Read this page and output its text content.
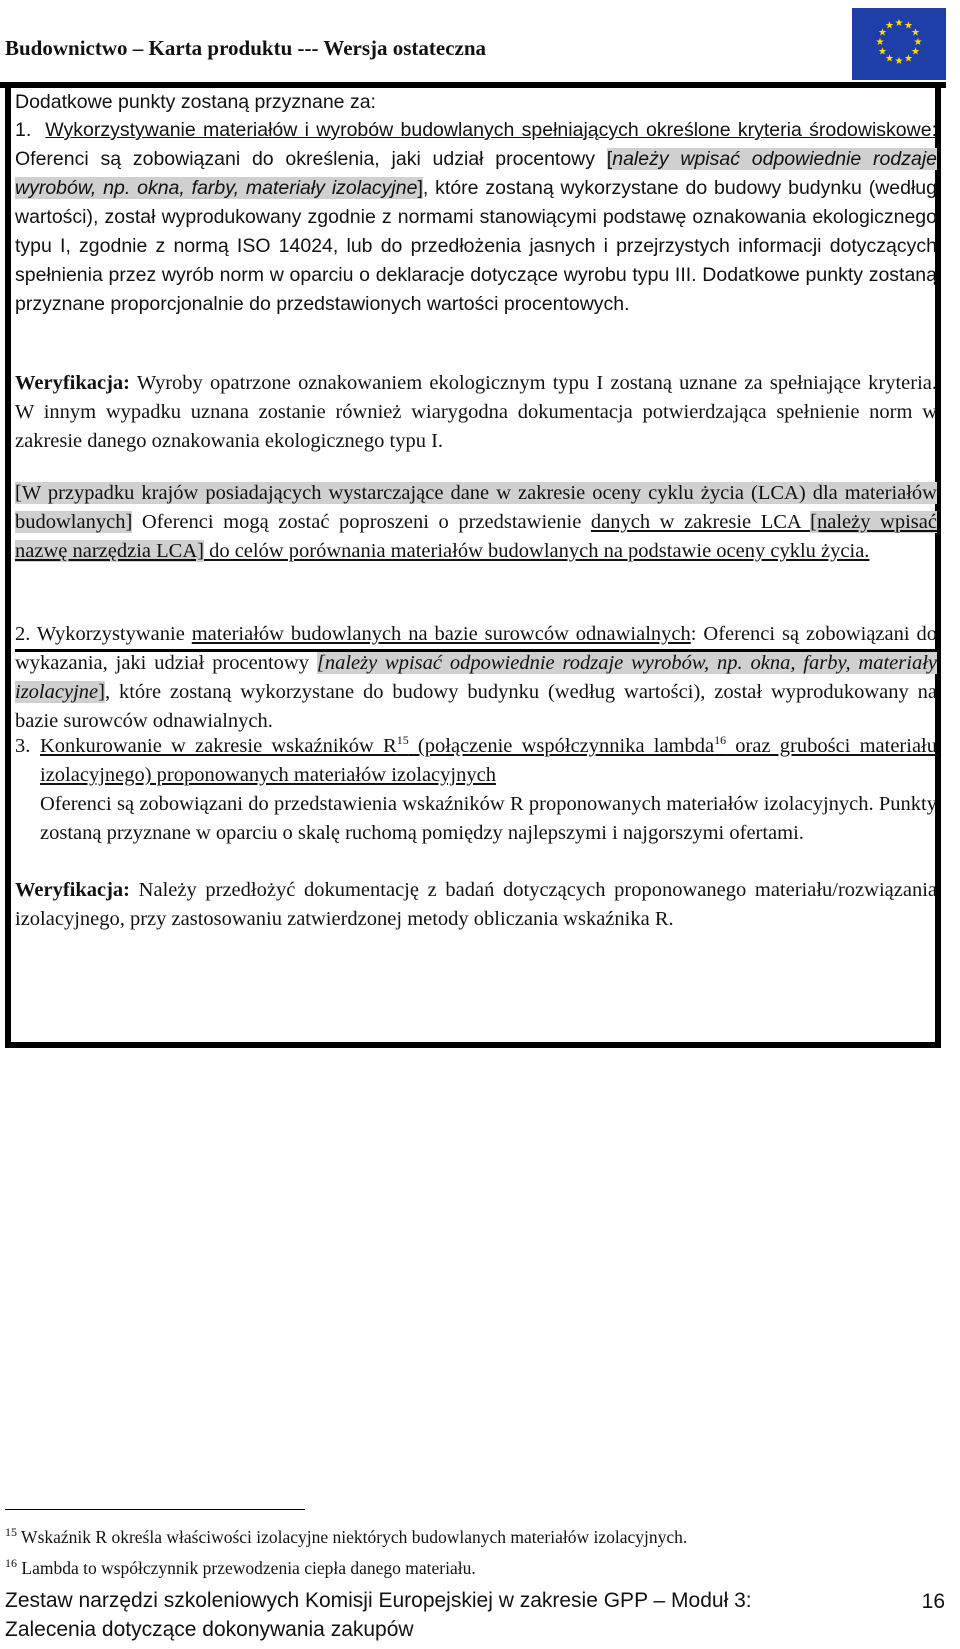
Budownictwo – Karta produktu --- Wersja ostateczna
★ ★
★
★
★
★
★
★
★
★
★
★
Dodatkowe punkty zostaną przyznane za:
1. Wykorzystywanie materiałów i wyrobów budowlanych spełniających określone kryteria środowiskowe: Oferenci są zobowiązani do określenia, jaki udział procentowy [należy wpisać odpowiednie rodzaje wyrobów, np. okna, farby, materiały izolacyjne], które zostaną wykorzystane do budowy budynku (według wartości), został wyprodukowany zgodnie z normami stanowiącymi podstawę oznakowania ekologicznego typu I, zgodnie z normą ISO 14024, lub do przedłożenia jasnych i przejrzystych informacji dotyczących spełnienia przez wyrób norm w oparciu o deklaracje dotyczące wyrobu typu III. Dodatkowe punkty zostaną przyznane proporcjonalnie do przedstawionych wartości procentowych.
Weryfikacja: Wyroby opatrzone oznakowaniem ekologicznym typu I zostaną uznane za spełniające kryteria. W innym wypadku uznana zostanie również wiarygodna dokumentacja potwierdzająca spełnienie norm w zakresie danego oznakowania ekologicznego typu I.
[W przypadku krajów posiadających wystarczające dane w zakresie oceny cyklu życia (LCA) dla materiałów budowlanych] Oferenci mogą zostać poproszeni o przedstawienie danych w zakresie LCA [należy wpisać nazwę narzędzia LCA] do celów porównania materiałów budowlanych na podstawie oceny cyklu życia.
2. Wykorzystywanie materiałów budowlanych na bazie surowców odnawialnych: Oferenci są zobowiązani do wykazania, jaki udział procentowy [należy wpisać odpowiednie rodzaje wyrobów, np. okna, farby, materiały izolacyjne], które zostaną wykorzystane do budowy budynku (według wartości), został wyprodukowany na bazie surowców odnawialnych.
3. Konkurowanie w zakresie wskaźników $R^{15}$ (połączenie współczynnika lambda$^{16}$ oraz grubości materiału izolacyjnego) proponowanych materiałów izolacyjnych
Oferenci są zobowiązani do przedstawienia wskaźników R proponowanych materiałów izolacyjnych. Punkty zostaną przyznane w oparciu o skalę ruchomą pomiędzy najlepszymi i najgorszymi ofertami.
Weryfikacja: Należy przedłożyć dokumentację z badań dotyczących proponowanego materiału/rozwiązania izolacyjnego, przy zastosowaniu zatwierdzonej metody obliczania wskaźnika R.
$^{15}$ Wskaźnik R określa właściwości izolacyjne niektórych budowlanych materiałów izolacyjnych.
$^{16}$ Lambda to współczynnik przewodzenia ciepła danego materiału.
Zestaw narzędzi szkoleniowych Komisji Europejskiej w zakresie GPP – Moduł 3:
Zalecenia dotyczące dokonywania zakupów
16
